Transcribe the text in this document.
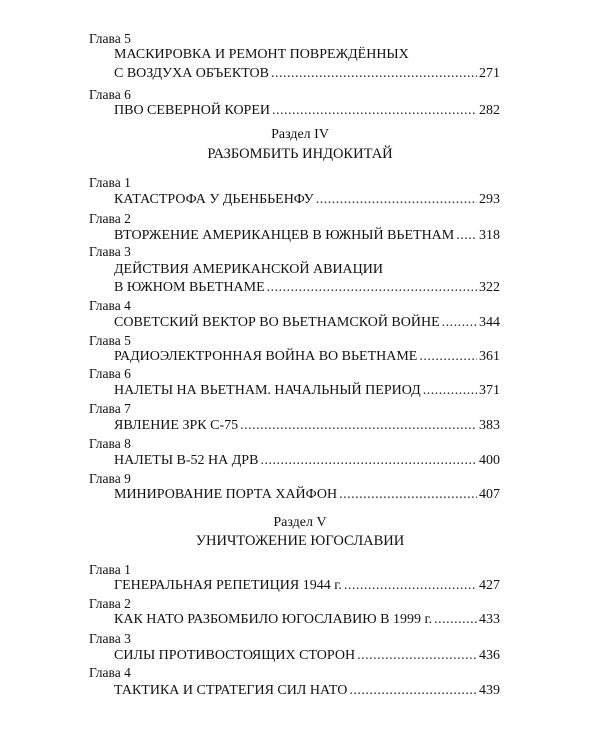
Глава 5
МАСКИРОВКА И РЕМОНТ ПОВРЕЖДЁННЫХ
С ВОЗДУХА ОБЪЕКТОВ .....	271
Глава 6
ПВО СЕВЕРНОЙ КОРЕИ .....	282
Раздел IV
РАЗБОМБИТЬ ИНДОКИТАЙ
Глава 1
КАТАСТРОФА У ДЬЕНБЬЕНФУ .....	293
Глава 2
ВТОРЖЕНИЕ АМЕРИКАНЦЕВ В ЮЖНЫЙ ВЬЕТНАМ ..... 318
Глава 3
ДЕЙСТВИЯ АМЕРИКАНСКОЙ АВИАЦИИ
В ЮЖНОМ ВЬЕТНАМЕ .....	322
Глава 4
СОВЕТСКИЙ ВЕКТОР ВО ВЬЕТНАМСКОЙ ВОЙНЕ .....	344
Глава 5
РАДИОЭЛЕКТРОННАЯ ВОЙНА ВО ВЬЕТНАМЕ .....	361
Глава 6
НАЛЕТЫ НА ВЬЕТНАМ. НАЧАЛЬНЫЙ ПЕРИОД .....	371
Глава 7
ЯВЛЕНИЕ ЗРК С-75 .....	383
Глава 8
НАЛЕТЫ B-52 НА ДРВ .....	400
Глава 9
МИНИРОВАНИЕ ПОРТА ХАЙФОН .....	407
Раздел V
УНИЧТОЖЕНИЕ ЮГОСЛАВИИ
Глава 1
ГЕНЕРАЛЬНАЯ РЕПЕТИЦИЯ 1944 г. .....	427
Глава 2
КАК НАТО РАЗБОМБИЛО ЮГОСЛАВИЮ В 1999 г. .....	433
Глава 3
СИЛЫ ПРОТИВОСТОЯЩИХ СТОРОН .....	436
Глава 4
ТАКТИКА И СТРАТЕГИЯ СИЛ НАТО .....	439
